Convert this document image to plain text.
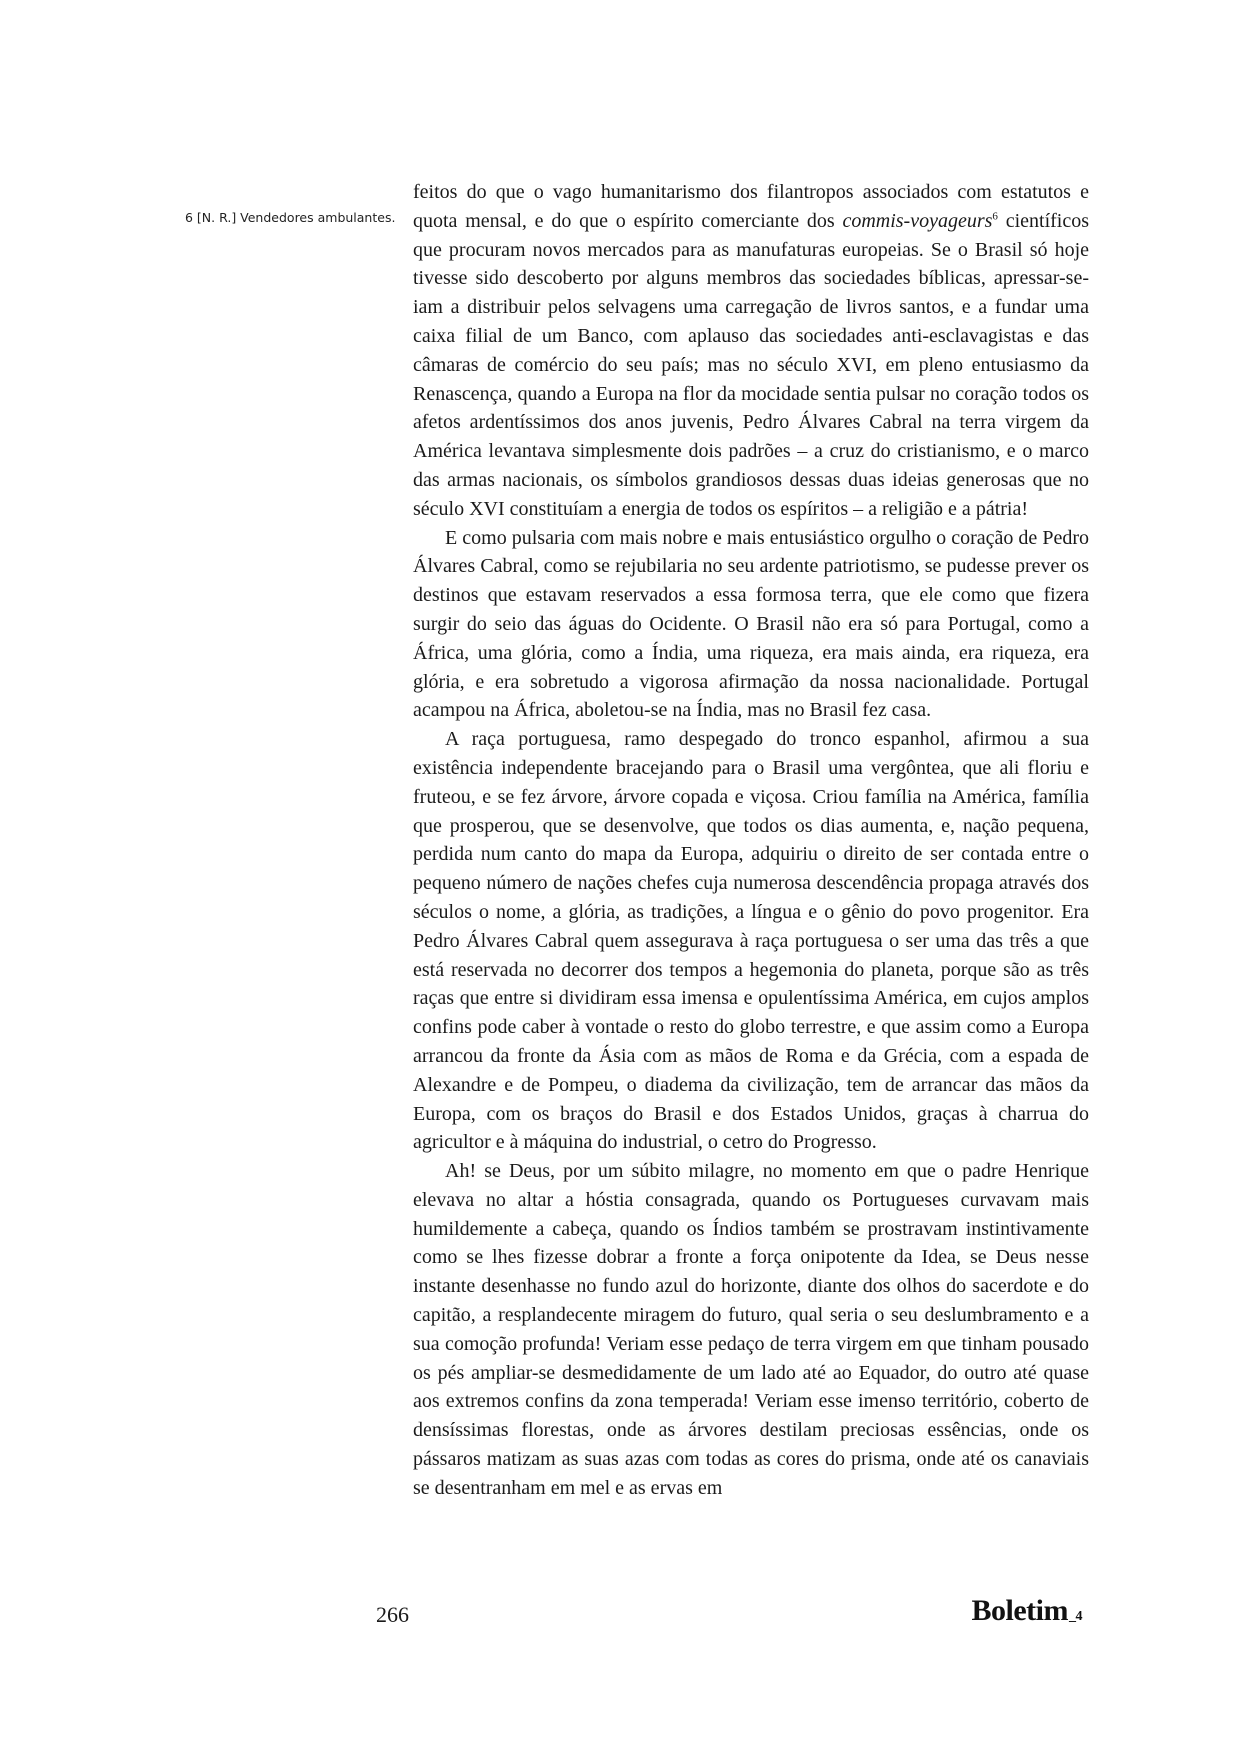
6 [N. R.] Vendedores ambulantes.

feitos do que o vago humanitarismo dos filantropos associados com estatutos e quota mensal, e do que o espírito comerciante dos commis-voyageurs$^6$ científicos que procuram novos mercados para as manufaturas europeias. Se o Brasil só hoje tivesse sido descoberto por alguns membros das sociedades bíblicas, apressar-se-iam a distribuir pelos selvagens uma carregação de livros santos, e a fundar uma caixa filial de um Banco, com aplauso das sociedades anti-esclavagistas e das câmaras de comércio do seu país; mas no século XVI, em pleno entusiasmo da Renascença, quando a Europa na flor da mocidade sentia pulsar no coração todos os afetos ardentíssimos dos anos juvenis, Pedro Álvares Cabral na terra virgem da América levantava simplesmente dois padrões – a cruz do cristianismo, e o marco das armas nacionais, os símbolos grandiosos dessas duas ideias generosas que no século XVI constituíam a energia de todos os espíritos – a religião e a pátria!

E como pulsaria com mais nobre e mais entusiástico orgulho o coração de Pedro Álvares Cabral, como se rejubilaria no seu ardente patriotismo, se pudesse prever os destinos que estavam reservados a essa formosa terra, que ele como que fizera surgir do seio das águas do Ocidente. O Brasil não era só para Portugal, como a África, uma glória, como a Índia, uma riqueza, era mais ainda, era riqueza, era glória, e era sobretudo a vigorosa afirmação da nossa nacionalidade. Portugal acampou na África, aboletou-se na Índia, mas no Brasil fez casa.

A raça portuguesa, ramo despegado do tronco espanhol, afirmou a sua existência independente bracejando para o Brasil uma vergôntea, que ali floriu e fruteou, e se fez árvore, árvore copada e viçosa. Criou família na América, família que prosperou, que se desenvolve, que todos os dias aumenta, e, nação pequena, perdida num canto do mapa da Europa, adquiriu o direito de ser contada entre o pequeno número de nações chefes cuja numerosa descendência propaga através dos séculos o nome, a glória, as tradições, a língua e o gênio do povo progenitor. Era Pedro Álvares Cabral quem assegurava à raça portuguesa o ser uma das três a que está reservada no decorrer dos tempos a hegemonia do planeta, porque são as três raças que entre si dividiram essa imensa e opulentíssima América, em cujos amplos confins pode caber à vontade o resto do globo terrestre, e que assim como a Europa arrancou da fronte da Ásia com as mãos de Roma e da Grécia, com a espada de Alexandre e de Pompeu, o diadema da civilização, tem de arrancar das mãos da Europa, com os braços do Brasil e dos Estados Unidos, graças à charrua do agricultor e à máquina do industrial, o cetro do Progresso.

Ah! se Deus, por um súbito milagre, no momento em que o padre Henrique elevava no altar a hóstia consagrada, quando os Portugueses curvavam mais humildemente a cabeça, quando os Índios também se prostravam instintivamente como se lhes fizesse dobrar a fronte a força onipotente da Idea, se Deus nesse instante desenhasse no fundo azul do horizonte, diante dos olhos do sacerdote e do capitão, a resplandecente miragem do futuro, qual seria o seu deslumbramento e a sua comoção profunda! Veriam esse pedaço de terra virgem em que tinham pousado os pés ampliar-se desmedidamente de um lado até ao Equador, do outro até quase aos extremos confins da zona temperada! Veriam esse imenso território, coberto de densíssimas florestas, onde as árvores destilam preciosas essências, onde os pássaros matizam as suas azas com todas as cores do prisma, onde até os canaviais se desentranham em mel e as ervas em

266	Boletim_4
